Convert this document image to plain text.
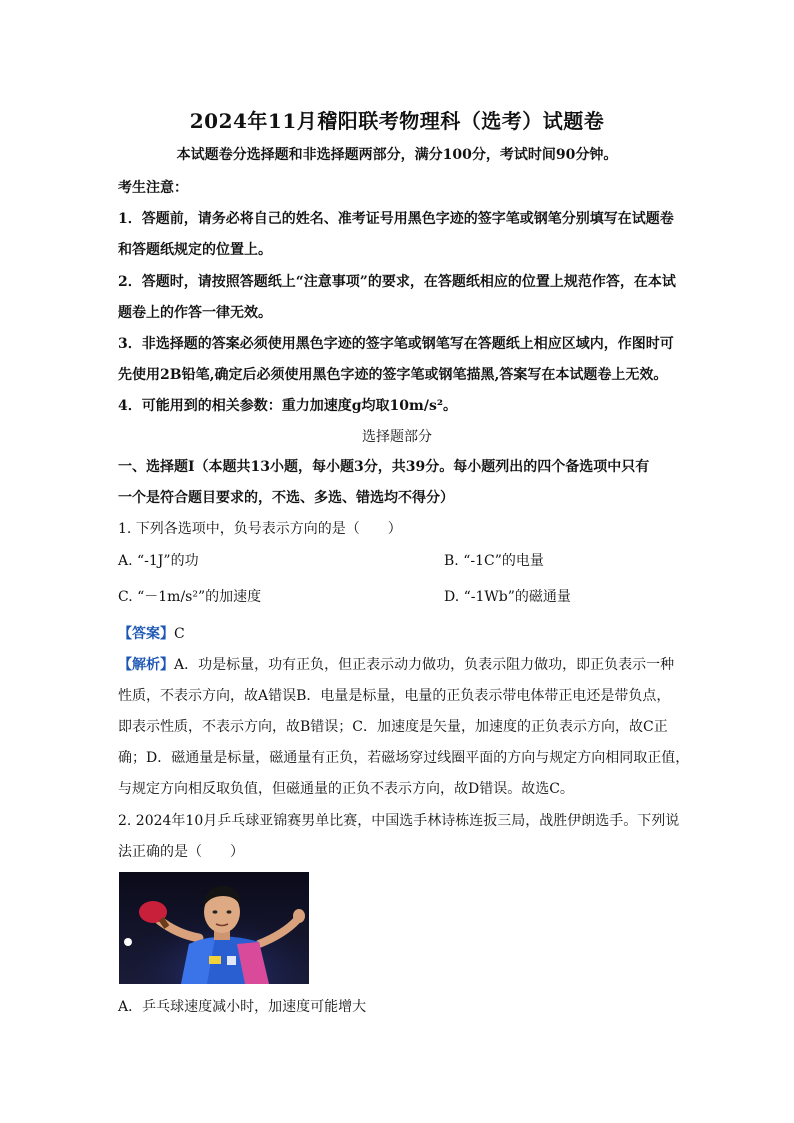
2024年11月稽阳联考物理科（选考）试题卷
本试题卷分选择题和非选择题两部分，满分100分，考试时间90分钟。
考生注意：
1．答题前，请务必将自己的姓名、准考证号用黑色字迹的签字笔或钢笔分别填写在试题卷
和答题纸规定的位置上。
2．答题时，请按照答题纸上“注意事项”的要求，在答题纸相应的位置上规范作答，在本试
题卷上的作答一律无效。
3．非选择题的答案必须使用黑色字迹的签字笔或钢笔写在答题纸上相应区域内，作图时可
先使用2B铅笔,确定后必须使用黑色字迹的签字笔或钢笔描黑,答案写在本试题卷上无效。
4．可能用到的相关参数：重力加速度g均取10m/s²。
选择题部分
一、选择题Ⅰ（本题共13小题，每小题3分，共39分。每小题列出的四个备选项中只有
一个是符合题目要求的，不选、多选、错选均不得分）
1. 下列各选项中，负号表示方向的是（　　）
A. “-1J”的功	B. “-1C”的电量
C. “－1m/s²”的加速度	D. “-1Wb”的磁通量
【答案】C
【解析】A．功是标量，功有正负，但正表示动力做功，负表示阻力做功，即正负表示一种
性质，不表示方向，故A错误B．电量是标量，电量的正负表示带电体带正电还是带负点，
即表示性质，不表示方向，故B错误；C．加速度是矢量，加速度的正负表示方向，故C正
确；D．磁通量是标量，磁通量有正负，若磁场穿过线圈平面的方向与规定方向相同取正值，
与规定方向相反取负值，但磁通量的正负不表示方向，故D错误。故选C。
2. 2024年10月乒乓球亚锦赛男单比赛，中国选手林诗栋连扳三局，战胜伊朗选手。下列说
法正确的是（　　）
A．乒乓球速度减小时，加速度可能增大
